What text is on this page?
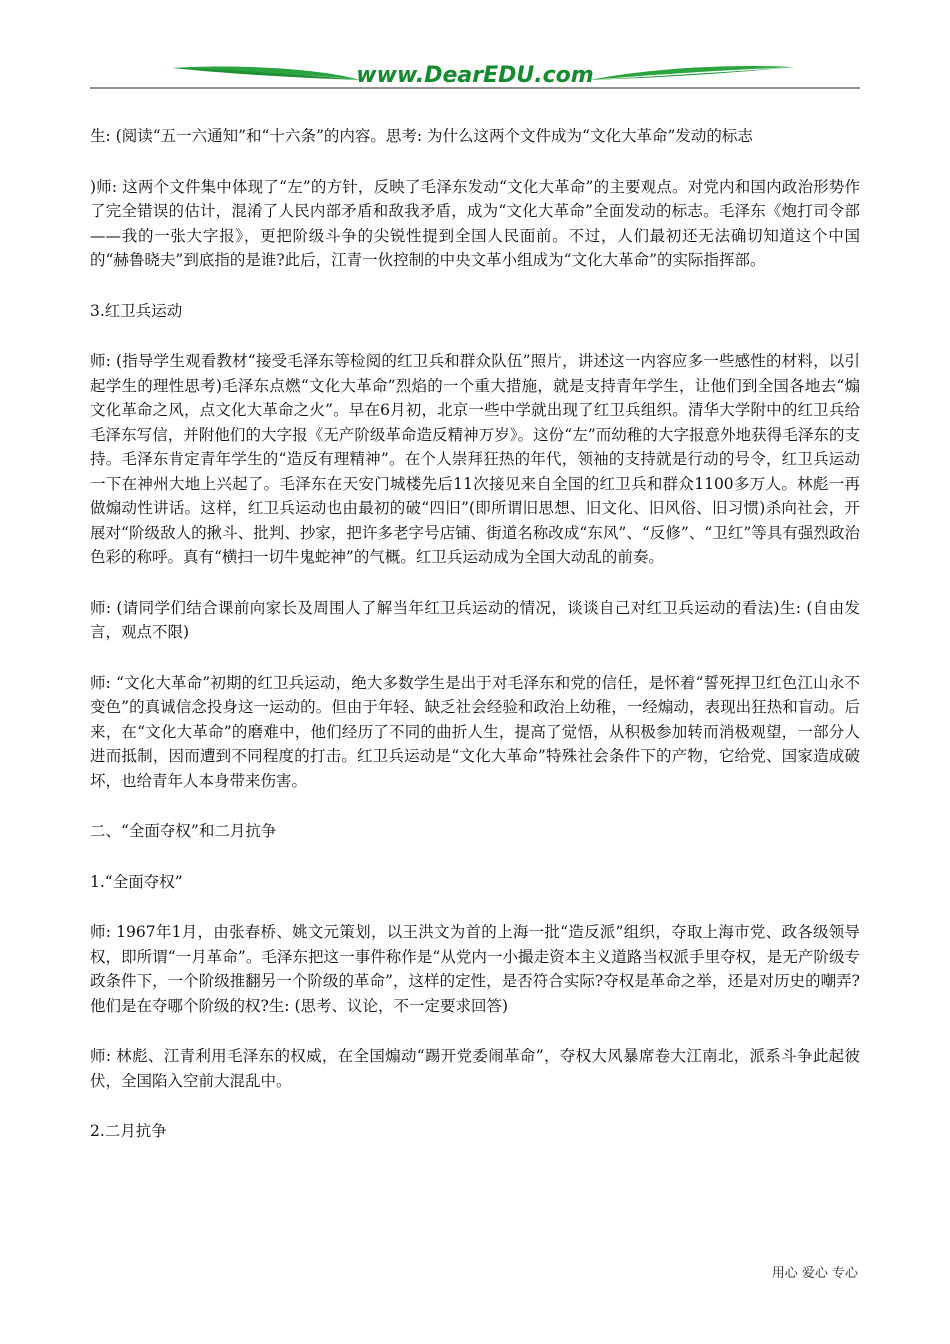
www.DearEDU.com

生: (阅读“五一六通知”和“十六条”的内容。思考: 为什么这两个文件成为“文化大革命”发动的标志

)师: 这两个文件集中体现了“左”的方针，反映了毛泽东发动“文化大革命”的主要观点。对党内和国内政治形势作了完全错误的估计，混淆了人民内部矛盾和敌我矛盾，成为“文化大革命”全面发动的标志。毛泽东《炮打司令部——我的一张大字报》，更把阶级斗争的尖锐性提到全国人民面前。不过，人们最初还无法确切知道这个中国的“赫鲁晓夫”到底指的是谁?此后，江青一伙控制的中央文革小组成为“文化大革命”的实际指挥部。

3.红卫兵运动

师: (指导学生观看教材“接受毛泽东等检阅的红卫兵和群众队伍”照片，讲述这一内容应多一些感性的材料，以引起学生的理性思考)毛泽东点燃“文化大革命”烈焰的一个重大措施，就是支持青年学生，让他们到全国各地去“煽文化革命之风，点文化大革命之火”。早在6月初，北京一些中学就出现了红卫兵组织。清华大学附中的红卫兵给毛泽东写信，并附他们的大字报《无产阶级革命造反精神万岁》。这份“左”而幼稚的大字报意外地获得毛泽东的支持。毛泽东肯定青年学生的“造反有理精神”。在个人崇拜狂热的年代，领袖的支持就是行动的号令，红卫兵运动一下在神州大地上兴起了。毛泽东在天安门城楼先后11次接见来自全国的红卫兵和群众1100多万人。林彪一再做煽动性讲话。这样，红卫兵运动也由最初的破“四旧”(即所谓旧思想、旧文化、旧风俗、旧习惯)杀向社会，开展对“阶级敌人的揪斗、批判、抄家，把许多老字号店铺、街道名称改成“东风”、“反修”、“卫红”等具有强烈政治色彩的称呼。真有“横扫一切牛鬼蛇神”的气概。红卫兵运动成为全国大动乱的前奏。

师: (请同学们结合课前向家长及周围人了解当年红卫兵运动的情况，谈谈自己对红卫兵运动的看法)生: (自由发言，观点不限)

师: “文化大革命”初期的红卫兵运动，绝大多数学生是出于对毛泽东和党的信任，是怀着“誓死捍卫红色江山永不变色”的真诚信念投身这一运动的。但由于年轻、缺乏社会经验和政治上幼稚，一经煽动，表现出狂热和盲动。后来，在“文化大革命”的磨难中，他们经历了不同的曲折人生，提高了觉悟，从积极参加转而消极观望，一部分人进而抵制，因而遭到不同程度的打击。红卫兵运动是“文化大革命”特殊社会条件下的产物，它给党、国家造成破坏，也给青年人本身带来伤害。

二、“全面夺权”和二月抗争

1.“全面夺权”

师: 1967年1月，由张春桥、姚文元策划，以王洪文为首的上海一批“造反派”组织，夺取上海市党、政各级领导权，即所谓“一月革命”。毛泽东把这一事件称作是“从党内一小撮走资本主义道路当权派手里夺权，是无产阶级专政条件下，一个阶级推翻另一个阶级的革命”，这样的定性，是否符合实际?夺权是革命之举，还是对历史的嘲弄?他们是在夺哪个阶级的权?生: (思考、议论，不一定要求回答)

师: 林彪、江青利用毛泽东的权威，在全国煽动“踢开党委闹革命”，夺权大风暴席卷大江南北，派系斗争此起彼伏，全国陷入空前大混乱中。

2.二月抗争

用心 爱心 专心
